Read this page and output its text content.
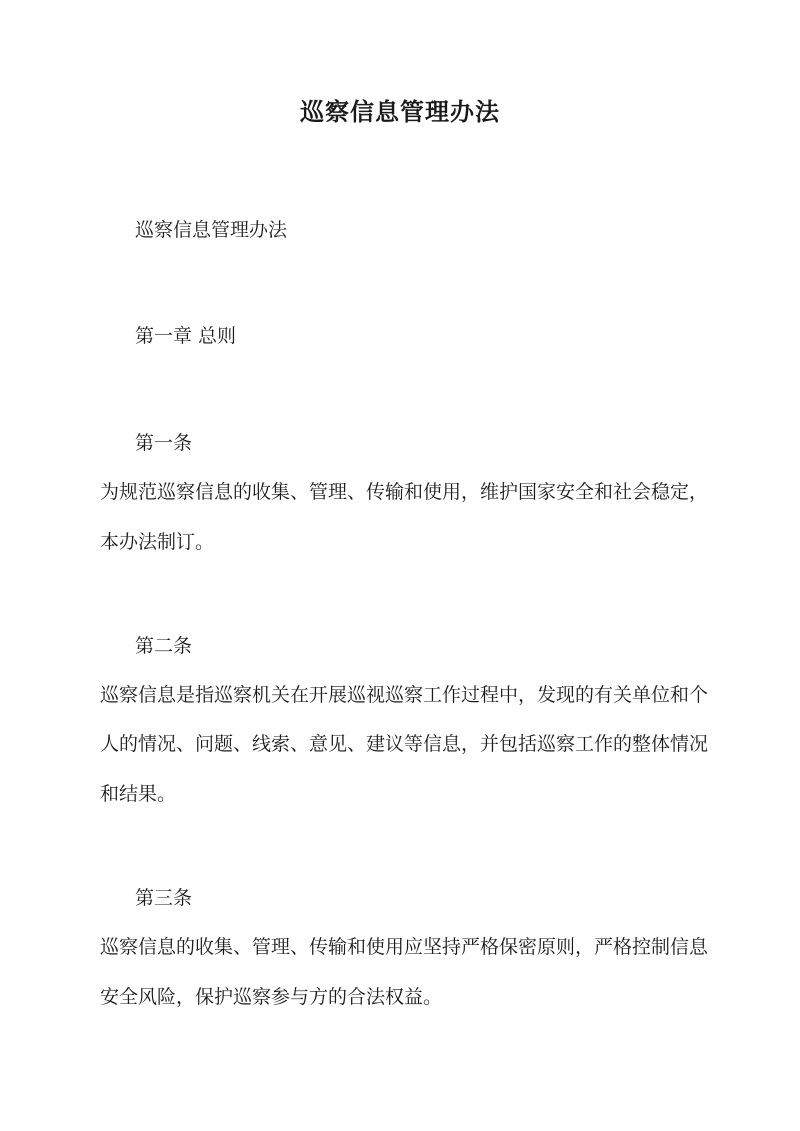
巡察信息管理办法
巡察信息管理办法
第一章 总则
第一条
为规范巡察信息的收集、管理、传输和使用，维护国家安全和社会稳定，
本办法制订。
第二条
巡察信息是指巡察机关在开展巡视巡察工作过程中，发现的有关单位和个
人的情况、问题、线索、意见、建议等信息，并包括巡察工作的整体情况
和结果。
第三条
巡察信息的收集、管理、传输和使用应坚持严格保密原则，严格控制信息
安全风险，保护巡察参与方的合法权益。
